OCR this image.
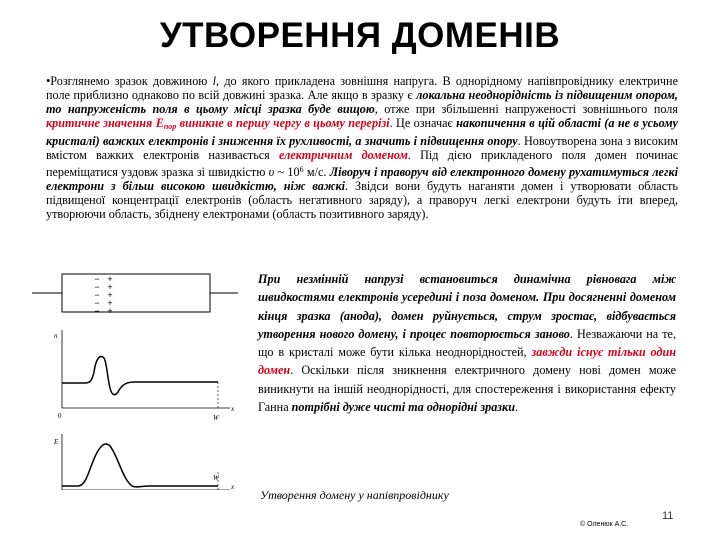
УТВОРЕННЯ ДОМЕНІВ

•Розглянемо зразок довжиною l, до якого прикладена зовнішня напруга. В однорідному напівпровіднику електричне поле приблизно однаково по всій довжині зразка. Але якщо в зразку є локальна неоднорідність із підвищеним опором, то напруженість поля в цьому місці зразка буде вищою, отже при збільшенні напруженості зовнішнього поля критичне значення $E_{пор}$ виникне в першу чергу в цьому перерізі. Це означає накопичення в цій області (а не в усьому кристалі) важких електронів і зниження їх рухливості, а значить і підвищення опору. Новоутворена зона з високим вмістом важких електронів називається електричним доменом. Під дією прикладеного поля домен починає переміщатися уздовж зразка зі швидкістю υ ~ $10^6$ м/с. Ліворуч і праворуч від електронного домену рухатимуться легкі електрони з більш високою швидкістю, ніж важкі. Звідси вони будуть наганяти домен і утворювати область підвищеної концентрації електронів (область негативного заряду), а праворуч легкі електрони будуть іти вперед, утворюючи область, збіднену електронами (область позитивного заряду).

При незмінній напрузі встановиться динамічна рівновага між швидкостями електронів усередині і поза доменом. При досягненні доменом кінця зразка (анода), домен руйнується, струм зростає, відбувається утворення нового домену, і процес повторюється заново. Незважаючи на те, що в кристалі може бути кілька неоднорідностей, завжди існує тільки один домен. Оскільки після зникнення електричного домену нові домен може виникнути на іншій неоднорідності, для спостереження і використання ефекту Ганна потрібні дуже чисті та однорідні зразки.

−
−
−
−
−
+
+
+
+
+
n
x
W
0
E
x
W
Утворення домену у напівпровіднику
11
© Оленюк А.С.
